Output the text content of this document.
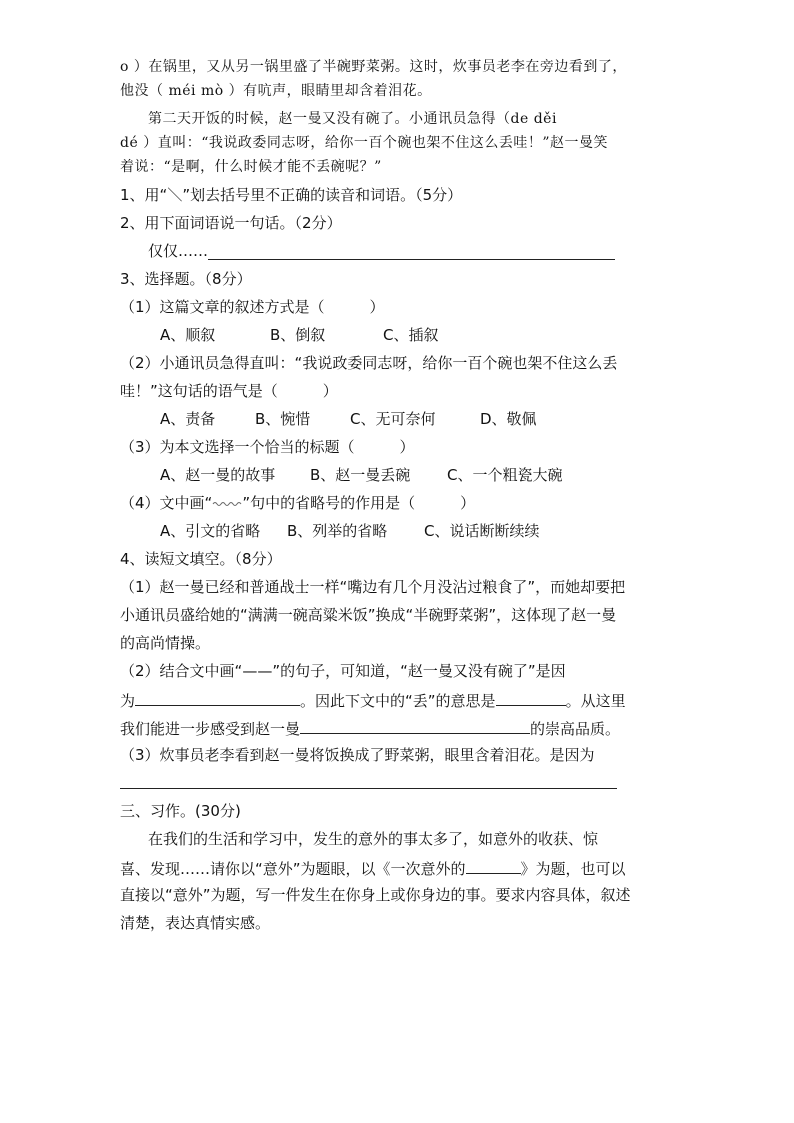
o ）在锅里，又从另一锅里盛了半碗野菜粥。这时，炊事员老李在旁边看到了，
他没（ méi mò ）有吭声，眼睛里却含着泪花。
第二天开饭的时候，赵一曼又没有碗了。小通讯员急得（de děi
dé ）直叫：“我说政委同志呀，给你一百个碗也架不住这么丢哇！”赵一曼笑
着说：“是啊，什么时候才能不丢碗呢？”
1、用“＼”划去括号里不正确的读音和词语。（5分）
2、用下面词语说一句话。（2分）
仅仅……
3、选择题。（8分）
（1）这篇文章的叙述方式是（　　　）
A、顺叙	B、倒叙	C、插叙
（2）小通讯员急得直叫：“我说政委同志呀，给你一百个碗也架不住这么丢
哇！”这句话的语气是（　　　）
A、责备	B、惋惜	C、无可奈何	D、敬佩
（3）为本文选择一个恰当的标题（　　　）
A、赵一曼的故事 B、赵一曼丢碗 C、一个粗瓷大碗
（4）文中画“ ”句中的省略号的作用是（　　　）
A、引文的省略 B、列举的省略 C、说话断断续续
4、读短文填空。（8分）
（1）赵一曼已经和普通战士一样“嘴边有几个月没沾过粮食了”，而她却要把
小通讯员盛给她的“满满一碗高粱米饭”换成“半碗野菜粥”，这体现了赵一曼
的高尚情操。
（2）结合文中画“——”的句子，可知道，“赵一曼又没有碗了”是因
为	。因此下文中的“丢”的意思是	。从这里
我们能进一步感受到赵一曼	的崇高品质。
（3）炊事员老李看到赵一曼将饭换成了野菜粥，眼里含着泪花。是因为
三、习作。(30分)
在我们的生活和学习中，发生的意外的事太多了，如意外的收获、惊
喜、发现……请你以“意外”为题眼，以《一次意外的	》为题，也可以
直接以“意外”为题，写一件发生在你身上或你身边的事。要求内容具体，叙述
清楚，表达真情实感。
